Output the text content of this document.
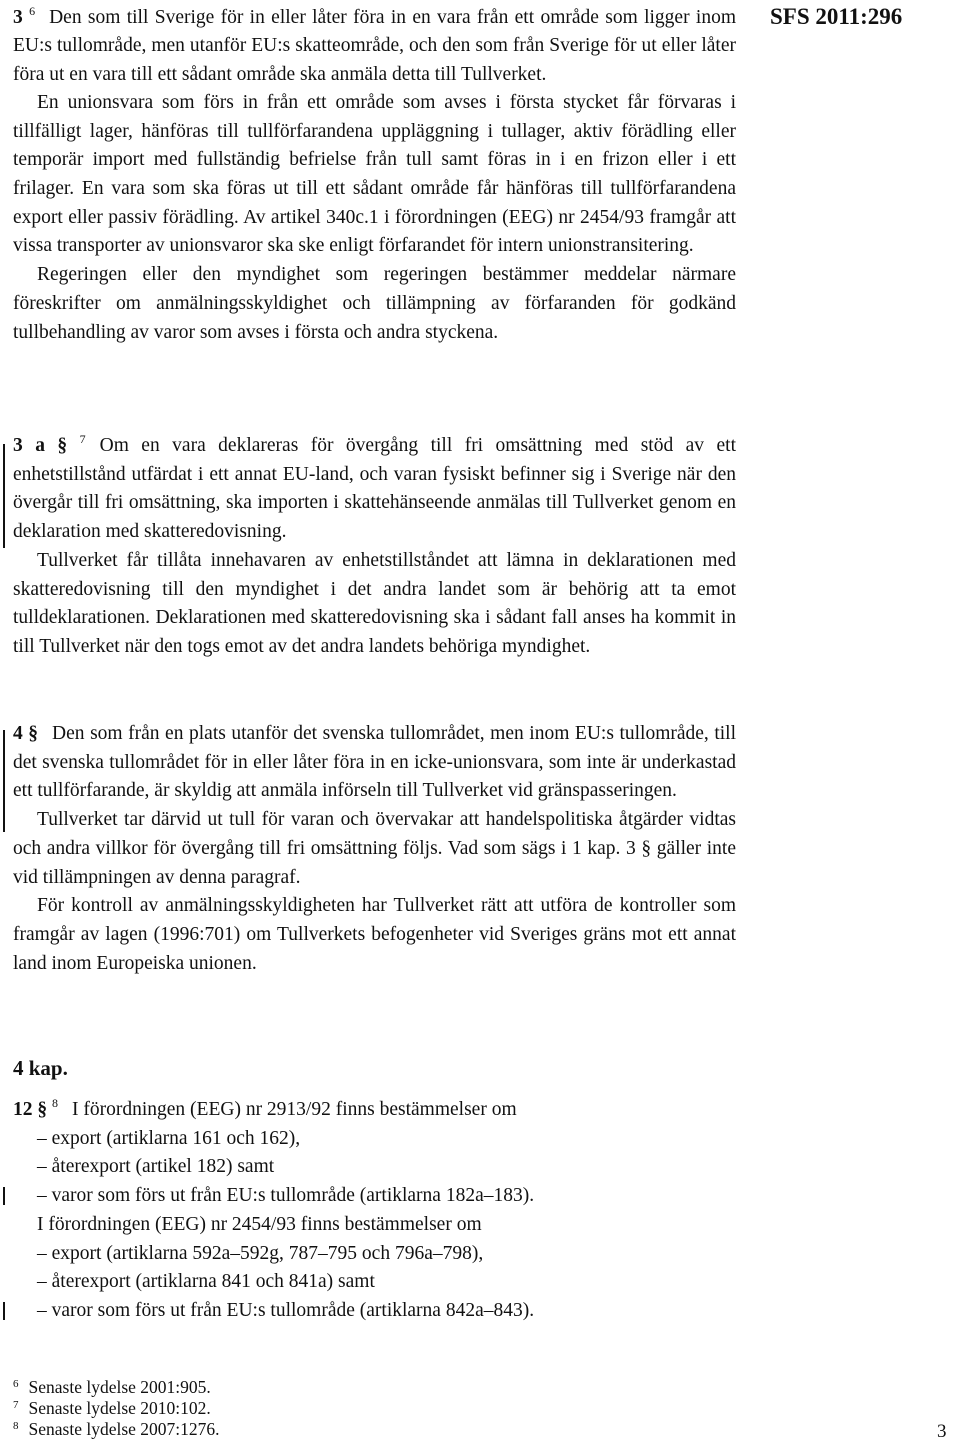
SFS 2011:296

3 $^6$ Den som till Sverige för in eller låter föra in en vara från ett område som ligger inom EU:s tullområde, men utanför EU:s skatteområde, och den som från Sverige för ut eller låter föra ut en vara till ett sådant område ska anmäla detta till Tullverket.

En unionsvara som förs in från ett område som avses i första stycket får förvaras i tillfälligt lager, hänföras till tullförfarandena uppläggning i tullager, aktiv förädling eller temporär import med fullständig befrielse från tull samt föras in i en frizon eller i ett frilager. En vara som ska föras ut till ett sådant område får hänföras till tullförfarandena export eller passiv förädling. Av artikel 340c.1 i förordningen (EEG) nr 2454/93 framgår att vissa transporter av unionsvaror ska ske enligt förfarandet för intern unionstransitering.

Regeringen eller den myndighet som regeringen bestämmer meddelar närmare föreskrifter om anmälningsskyldighet och tillämpning av förfaranden för godkänd tullbehandling av varor som avses i första och andra styckena.

3 a § $^7$ Om en vara deklareras för övergång till fri omsättning med stöd av ett enhetstillstånd utfärdat i ett annat EU-land, och varan fysiskt befinner sig i Sverige när den övergår till fri omsättning, ska importen i skattehänseende anmälas till Tullverket genom en deklaration med skatteredovisning.

Tullverket får tillåta innehavaren av enhetstillståndet att lämna in deklarationen med skatteredovisning till den myndighet i det andra landet som är behörig att ta emot tulldeklarationen. Deklarationen med skatteredovisning ska i sådant fall anses ha kommit in till Tullverket när den togs emot av det andra landets behöriga myndighet.

4 § Den som från en plats utanför det svenska tullområdet, men inom EU:s tullområde, till det svenska tullområdet för in eller låter föra in en icke-unionsvara, som inte är underkastad ett tullförfarande, är skyldig att anmäla införseln till Tullverket vid gränspasseringen.

Tullverket tar därvid ut tull för varan och övervakar att handelspolitiska åtgärder vidtas och andra villkor för övergång till fri omsättning följs. Vad som sägs i 1 kap. 3 § gäller inte vid tillämpningen av denna paragraf.

För kontroll av anmälningsskyldigheten har Tullverket rätt att utföra de kontroller som framgår av lagen (1996:701) om Tullverkets befogenheter vid Sveriges gräns mot ett annat land inom Europeiska unionen.

4 kap.
12 § $^8$ I förordningen (EEG) nr 2913/92 finns bestämmelser om
– export (artiklarna 161 och 162),
– återexport (artikel 182) samt
– varor som förs ut från EU:s tullområde (artiklarna 182a–183).
I förordningen (EEG) nr 2454/93 finns bestämmelser om
– export (artiklarna 592a–592g, 787–795 och 796a–798),
– återexport (artiklarna 841 och 841a) samt
– varor som förs ut från EU:s tullområde (artiklarna 842a–843).
$^6$ Senaste lydelse 2001:905.
$^7$ Senaste lydelse 2010:102.
$^8$ Senaste lydelse 2007:1276.	3
